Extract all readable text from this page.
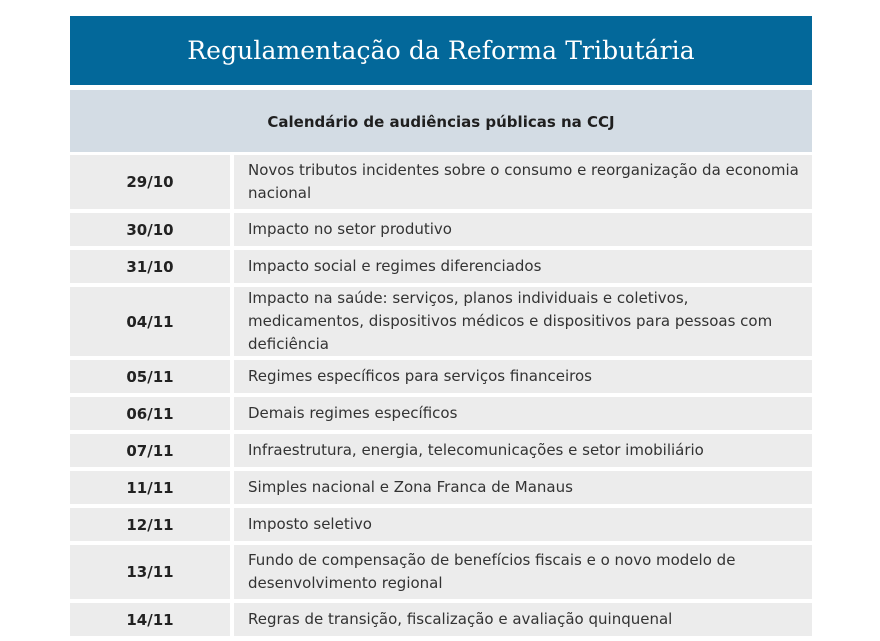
Regulamentação da Reforma Tributária
Calendário de audiências públicas na CCJ
29/10	Novos tributos incidentes sobre o consumo e reorganização da economia nacional
30/10	Impacto no setor produtivo
31/10	Impacto social e regimes diferenciados
04/11	Impacto na saúde: serviços, planos individuais e coletivos, medicamentos, dispositivos médicos e dispositivos para pessoas com deficiência
05/11	Regimes específicos para serviços financeiros
06/11	Demais regimes específicos
07/11	Infraestrutura, energia, telecomunicações e setor imobiliário
11/11	Simples nacional e Zona Franca de Manaus
12/11	Imposto seletivo
13/11	Fundo de compensação de benefícios fiscais e o novo modelo de desenvolvimento regional
14/11	Regras de transição, fiscalização e avaliação quinquenal
